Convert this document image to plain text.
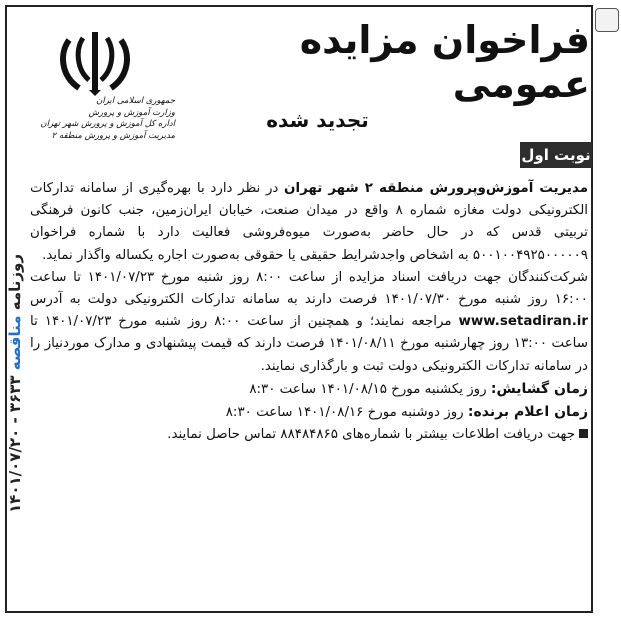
روزنامه مناقصه ۳۶۳۳ - ۱۴۰۱/۰۷/۲۰
فراخوان مزایده عمومی
تجدید شده
جمهوری اسلامی ایران
وزارت آموزش و پرورش
اداره کل آموزش و پرورش شهر تهران
مدیریت آموزش و پرورش منطقه ۲
نوبت اول

مدیریت آموزش‌وپرورش منطقه ۲ شهر تهران در نظر دارد با بهره‌گیری از سامانه تدارکات الکترونیکی دولت مغازه شماره ۸ واقع در میدان صنعت، خیابان ایران‌زمین، جنب کانون فرهنگی تربیتی قدس که در حال حاضر به‌صورت میوه‌فروشی فعالیت دارد با شماره فراخوان ۵۰۰۱۰۰۴۹۲۵۰۰۰۰۰۹ به اشخاص واجدشرایط حقیقی یا حقوقی به‌صورت اجاره یکساله واگذار نماید.

شرکت‌کنندگان جهت دریافت اسناد مزایده از ساعت ۸:۰۰ روز شنبه مورخ ۱۴۰۱/۰۷/۲۳ تا ساعت ۱۶:۰۰ روز شنبه مورخ ۱۴۰۱/۰۷/۳۰ فرصت دارند به سامانه تدارکات الکترونیکی دولت به آدرس www.setadiran.ir مراجعه نمایند؛ و همچنین از ساعت ۸:۰۰ روز شنبه مورخ ۱۴۰۱/۰۷/۲۳ تا ساعت ۱۳:۰۰ روز چهارشنبه مورخ ۱۴۰۱/۰۸/۱۱ فرصت دارند که قیمت پیشنهادی و مدارک موردنیاز را در سامانه تدارکات الکترونیکی دولت ثبت و بارگذاری نمایند.

زمان گشایش: روز یکشنبه مورخ ۱۴۰۱/۰۸/۱۵ ساعت ۸:۳۰

زمان اعلام برنده: روز دوشنبه مورخ ۱۴۰۱/۰۸/۱۶ ساعت ۸:۳۰

جهت دریافت اطلاعات بیشتر با شماره‌های ۸۸۴۸۴۸۶۵ تماس حاصل نمایند.
